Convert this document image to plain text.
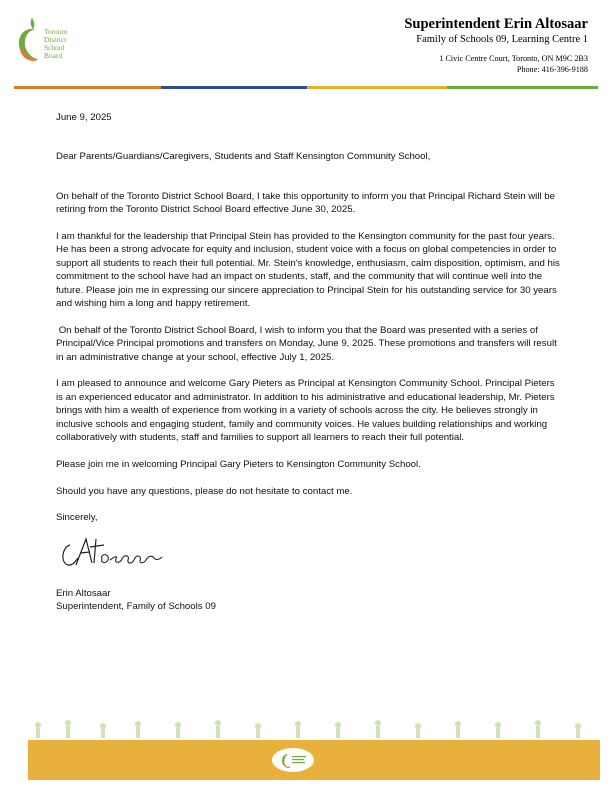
Toronto
District
School
Board
Superintendent Erin Altosaar
Family of Schools 09, Learning Centre 1
1 Civic Centre Court, Toronto, ON M9C 2B3
Phone: 416-396-9188

June 9, 2025

Dear Parents/Guardians/Caregivers, Students and Staff Kensington Community School,

On behalf of the Toronto District School Board, I take this opportunity to inform you that Principal Richard Stein will be retiring from the Toronto District School Board effective June 30, 2025.

I am thankful for the leadership that Principal Stein has provided to the Kensington community for the past four years. He has been a strong advocate for equity and inclusion, student voice with a focus on global competencies in order to support all students to reach their full potential. Mr. Stein’s knowledge, enthusiasm, calm disposition, optimism, and his commitment to the school have had an impact on students, staff, and the community that will continue well into the future. Please join me in expressing our sincere appreciation to Principal Stein for his outstanding service for 30 years and wishing him a long and happy retirement.

On behalf of the Toronto District School Board, I wish to inform you that the Board was presented with a series of Principal/Vice Principal promotions and transfers on Monday, June 9, 2025. These promotions and transfers will result in an administrative change at your school, effective July 1, 2025.

I am pleased to announce and welcome Gary Pieters as Principal at Kensington Community School. Principal Pieters is an experienced educator and administrator. In addition to his administrative and educational leadership, Mr. Pieters brings with him a wealth of experience from working in a variety of schools across the city. He believes strongly in inclusive schools and engaging student, family and community voices. He values building relationships and working collaboratively with students, staff and families to support all learners to reach their full potential.

Please join me in welcoming Principal Gary Pieters to Kensington Community School.

Should you have any questions, please do not hesitate to contact me.

Sincerely,

Erin Altosaar

Superintendent, Family of Schools 09
